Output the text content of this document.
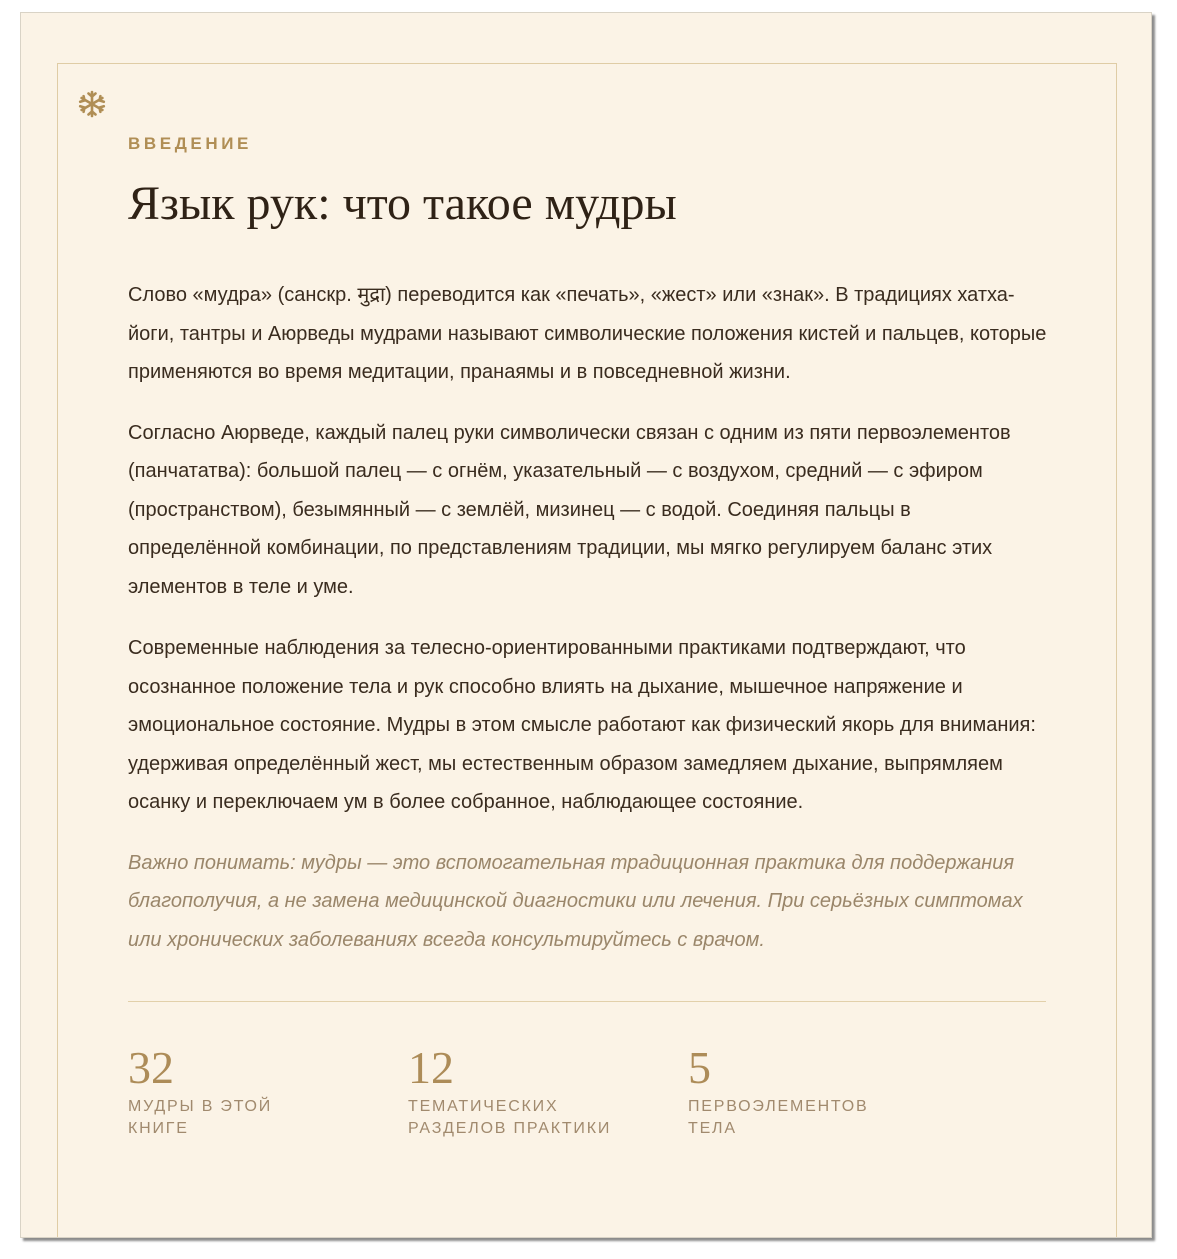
ВВЕДЕНИЕ

Язык рук: что такое мудры

Слово «мудра» (санскр. मुद्रा) переводится как «печать», «жест» или «знак». В традициях хатха-йоги, тантры и Аюрведы мудрами называют символические положения кистей и пальцев, которые применяются во время медитации, пранаямы и в повседневной жизни.

Согласно Аюрведе, каждый палец руки символически связан с одним из пяти первоэлементов (панчататва): большой палец — с огнём, указательный — с воздухом, средний — с эфиром (пространством), безымянный — с землёй, мизинец — с водой. Соединяя пальцы в определённой комбинации, по представлениям традиции, мы мягко регулируем баланс этих элементов в теле и уме.

Современные наблюдения за телесно-ориентированными практиками подтверждают, что осознанное положение тела и рук способно влиять на дыхание, мышечное напряжение и эмоциональное состояние. Мудры в этом смысле работают как физический якорь для внимания: удерживая определённый жест, мы естественным образом замедляем дыхание, выпрямляем осанку и переключаем ум в более собранное, наблюдающее состояние.

Важно понимать: мудры — это вспомогательная традиционная практика для поддержания благополучия, а не замена медицинской диагностики или лечения. При серьёзных симптомах или хронических заболеваниях всегда консультируйтесь с врачом.

32
МУДРЫ В ЭТОЙ
КНИГЕ
12
ТЕМАТИЧЕСКИХ
РАЗДЕЛОВ ПРАКТИКИ
5
ПЕРВОЭЛЕМЕНТОВ
ТЕЛА
